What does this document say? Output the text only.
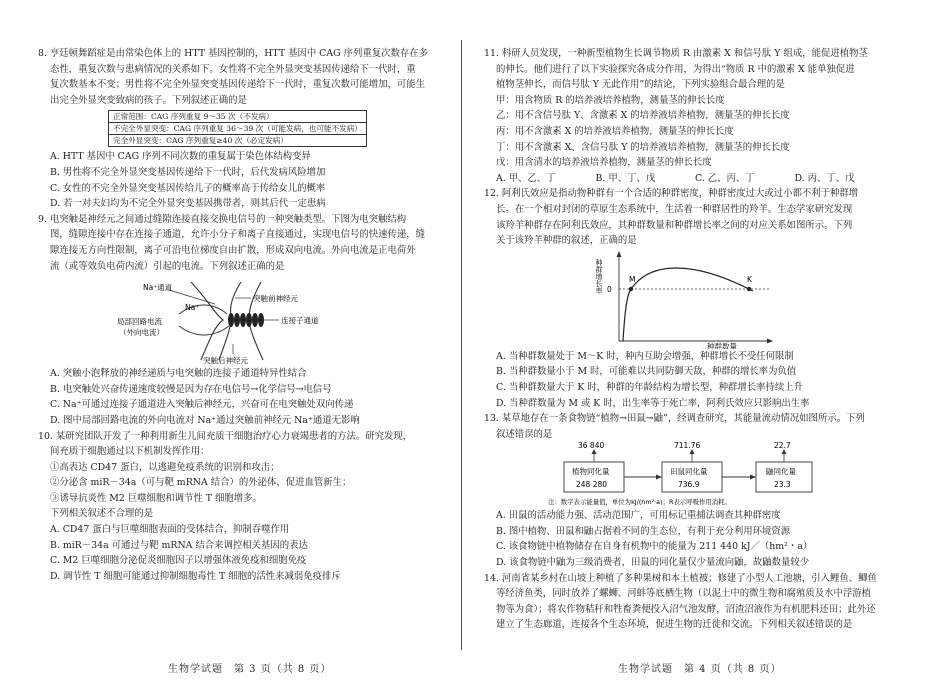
8. 亨廷顿舞蹈症是由常染色体上的 HTT 基因控制的，HTT 基因中 CAG 序列重复次数存在多

态性，重复次数与患病情况的关系如下。女性将不完全外显突变基因传递给下一代时，重

复次数基本不变；男性将不完全外显突变基因传递给下一代时，重复次数可能增加，可能生

出完全外显突变致病的孩子。下列叙述正确的是

正常范围：CAG 序列重复 9～35 次（不发病）
不完全外显突变：CAG 序列重复 36～39 次（可能发病，也可能不发病）
完全外显突变：CAG 序列重复≥40 次（必定发病）

A. HTT 基因中 CAG 序列不同次数的重复属于染色体结构变异

B. 男性将不完全外显突变基因传递给下一代时，后代发病风险增加

C. 女性的不完全外显突变基因传给儿子的概率高于传给女儿的概率

D. 若一对夫妇均为不完全外显突变基因携带者，则其后代一定患病

9. 电突触是神经元之间通过缝隙连接直接交换电信号的一种突触类型。下图为电突触结构

图，缝隙连接中存在连接子通道，允许小分子和离子直接通过，实现电信号的快速传递，缝

隙连接无方向性限制，离子可沿电位梯度自由扩散，形成双向电流。外向电流是正电荷外

流（或等效负电荷内流）引起的电流。下列叙述正确的是

Na⁺通道
Na⁺
突触前神经元
局部回路电流
（外向电流）
连接子通道
突触后神经元

A. 突触小泡释放的神经递质与电突触的连接子通道特异性结合

B. 电突触处兴奋传递速度较慢是因为存在电信号→化学信号→电信号

C. Na⁺可通过连接子通道进入突触后神经元，兴奋可在电突触处双向传递

D. 图中局部回路电流的外向电流对 Na⁺通过突触前神经元 Na⁺通道无影响

10. 某研究团队开发了一种利用新生儿间充质干细胞治疗心力衰竭患者的方法。研究发现，

间充质干细胞通过以下机制发挥作用：

①高表达 CD47 蛋白，以逃避免疫系统的识别和攻击；

②分泌含 miR－34a（可与靶 mRNA 结合）的外泌体，促进血管新生；

③诱导抗炎性 M2 巨噬细胞和调节性 T 细胞增多。

下列相关叙述不合理的是

A. CD47 蛋白与巨噬细胞表面的受体结合，抑制吞噬作用

B. miR－34a 可通过与靶 mRNA 结合来调控相关基因的表达

C. M2 巨噬细胞分泌促炎细胞因子以增强体液免疫和细胞免疫

D. 调节性 T 细胞可能通过抑制细胞毒性 T 细胞的活性来减弱免疫排斥

11. 科研人员发现，一种新型植物生长调节物质 R 由激素 X 和信号肽 Y 组成，能促进植物茎

的伸长。他们进行了以下实验探究各成分作用，为得出“物质 R 中的激素 X 能单独促进

植物茎伸长，而信号肽 Y 无此作用”的结论，下列实验组合最合理的是

甲：用含物质 R 的培养液培养植物，测量茎的伸长长度

乙：用不含信号肽 Y、含激素 X 的培养液培养植物，测量茎的伸长长度

丙：用不含激素 X 的培养液培养植物，测量茎的伸长长度

丁：用不含激素 X、含信号肽 Y 的培养液培养植物，测量茎的伸长长度

戊：用含清水的培养液培养植物，测量茎的伸长长度

A. 甲、乙、丁	B. 甲、丁、戊	C. 乙、丙、丁	D. 丙、丁、戊

12. 阿利氏效应是指动物种群有一个合适的种群密度，种群密度过大或过小都不利于种群增

长。在一个相对封闭的草原生态系统中，生活着一种群居性的羚羊。生态学家研究发现

该羚羊种群存在阿利氏效应，其种群数量和种群增长率之间的对应关系如图所示。下列

关于该羚羊种群的叙述，正确的是

0
M	K
种群增长率
种群数量

A. 当种群数量处于 M～K 时，种内互助会增强，种群增长不受任何限制

B. 当种群数量小于 M 时，可能难以共同防御天敌，种群的增长率为负值

C. 当种群数量大于 K 时，种群的年龄结构为增长型，种群增长率持续上升

D. 当种群数量为 M 或 K 时，出生率等于死亡率，阿利氏效应只影响出生率

13. 某草地存在一条食物链“植物→田鼠→鼬”，经调查研究，其能量流动情况如图所示。下列

叙述错误的是

36 840	711.76	22.7
植物同化量
248 280
田鼠同化量
736.9
鼬同化量
23.3
注：数字表示能量值，单位为kJ/(hm²·a)；R表示呼吸作用消耗。

A. 田鼠的活动能力强、活动范围广，可用标记重捕法调查其种群密度

B. 图中植物、田鼠和鼬占据着不同的生态位，有利于充分利用环境资源

C. 该食物链中植物储存在自身有机物中的能量为 211 440 kJ／（hm²・a）

D. 该食物链中鼬为三级消费者，田鼠的同化量仅少量流向鼬，故鼬数量较少

14. 河南省某乡村在山坡上种植了多种果树和本土植被；修建了小型人工池塘，引入鲤鱼、鲫鱼

等经济鱼类，同时放养了螺蛳、河蚌等底栖生物（以泥土中的微生物和腐殖质及水中浮游植

物等为食）；将农作物秸秆和牲畜粪便投入沼气池发酵，沼渣沼液作为有机肥料还田；此外还

建立了生态廊道，连接各个生态环境，促进生物的迁徙和交流。下列相关叙述错误的是

生物学试题　第 3 页（共 8 页）	生物学试题　第 4 页（共 8 页）
